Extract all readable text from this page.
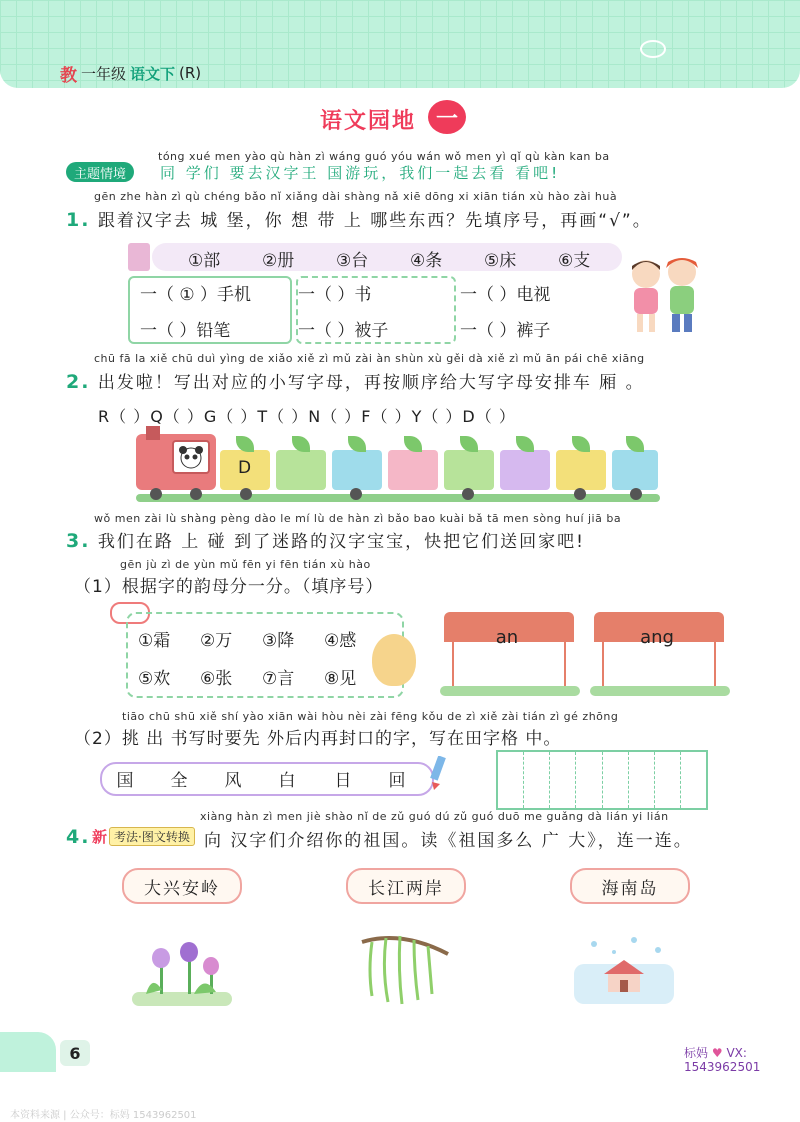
教 一年级 语文下 (R)
语文园地 一
tóng xué men yào qù hàn zì wáng guó yóu wán wǒ men yì qǐ qù kàn kan ba
主题情境	同 学们 要去汉字王 国游玩，我们一起去看 看吧!
gēn zhe hàn zì qù chéng bǎo nǐ xiǎng dài shàng nǎ xiē dōng xi xiān tián xù hào zài huà
1. 跟着汉字去 城 堡，你 想 带 上 哪些东西？先填序号，再画“√”。
①部 ②册 ③台 ④条 ⑤床 ⑥支
一（ ① ）手机	一（ ）书	一（ ）电视
一（ ）铅笔	一（ ）被子	一（ ）裤子
chū fā la xiě chū duì yìng de xiǎo xiě zì mǔ zài àn shùn xù gěi dà xiě zì mǔ ān pái chē xiāng
2. 出发啦！写出对应的小写字母，再按顺序给大写字母安排车 厢 。
R（ ）Q（ ）G（ ）T（ ）N（ ）F（ ）Y（ ）D（ ）
D
wǒ men zài lù shàng pèng dào le mí lù de hàn zì bǎo bao kuài bǎ tā men sòng huí jiā ba
3. 我们在路 上 碰 到了迷路的汉字宝宝，快把它们送回家吧!
gēn jù zì de yùn mǔ fēn yi fēn tián xù hào
（1）根据字的韵母分一分。（填序号）
①霜 ②万 ③降 ④感
⑤欢 ⑥张 ⑦言 ⑧见
an	ang
tiāo chū shū xiě shí yào xiān wài hòu nèi zài fēng kǒu de zì xiě zài tián zì gé zhōng
（2）挑 出 书写时要先 外后内再封口的字，写在田字格 中。
国 全 风 白 日 回
xiàng hàn zì men jiè shào nǐ de zǔ guó dú zǔ guó duō me guǎng dà lián yi lián
4. 新 考法·图文转换 向 汉字们介绍你的祖国。读《祖国多么 广 大》，连一连。
大兴安岭	长江两岸	海南岛
6	标妈 ♥ VX:
1543962501
本资料来源 | 公众号：标妈 1543962501
